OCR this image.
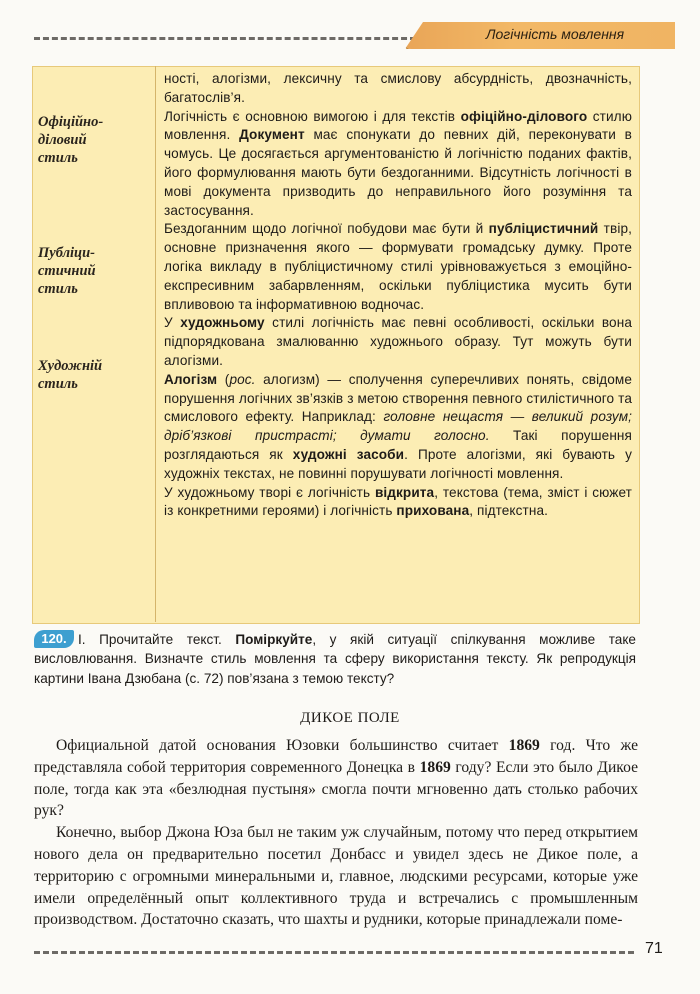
Логічність мовлення
Офіційно-
діловий
стиль
Публіци-
стичний
стиль
Художній
стиль

ності, алогізми, лексичну та смислову абсурдність, двозначність, багатослів’я.

Логічність є основною вимогою і для текстів офіційно-ділового стилю мовлення. Документ має спонукати до певних дій, переконувати в чомусь. Це досягається аргументованістю й логічністю поданих фактів, його формулювання мають бути бездоганними. Відсутність логічності в мові документа призводить до неправильного його розуміння та застосування.

Бездоганним щодо логічної побудови має бути й публіцистичний твір, основне призначення якого — формувати громадську думку. Проте логіка викладу в публіцистичному стилі урівноважується з емоційно-експресивним забарвленням, оскільки публіцистика мусить бути впливовою та інформативною водночас.

У художньому стилі логічність має певні особливості, оскільки вона підпорядкована змалюванню художнього образу. Тут можуть бути алогізми.

Алогізм (рос. алогизм) — сполучення суперечливих понять, свідоме порушення логічних зв’язків з метою створення певного стилістичного та смислового ефекту. Наприклад: головне нещастя — великий розум; дріб’язкові пристрасті; думати голосно. Такі порушення розглядаються як художні засоби. Проте алогізми, які бувають у художніх текстах, не повинні порушувати логічності мовлення.

У художньому творі є логічність відкрита, текстова (тема, зміст і сюжет із конкретними героями) і логічність прихована, підтекстна.

I. Прочитайте текст. Поміркуйте, у якій ситуації спілкування можливе таке висловлювання. Визначте стиль мовлення та сферу використання тексту. Як репродукція картини Івана Дзюбана (с. 72) пов’язана з темою тексту?
120.
ДИКОЕ ПОЛЕ

Официальной датой основания Юзовки большинство считает 1869 год. Что же представляла собой территория современного Донецка в 1869 году? Если это было Дикое поле, тогда как эта «безлюдная пустыня» смогла почти мгновенно дать столько рабочих рук?

Конечно, выбор Джона Юза был не таким уж случайным, потому что перед открытием нового дела он предварительно посетил Донбасс и увидел здесь не Дикое поле, а территорию с огромными минеральными и, главное, людскими ресурсами, которые уже имели определённый опыт коллективного труда и встречались с промышленным производством. Достаточно сказать, что шахты и рудники, которые принадлежали поме-

71
